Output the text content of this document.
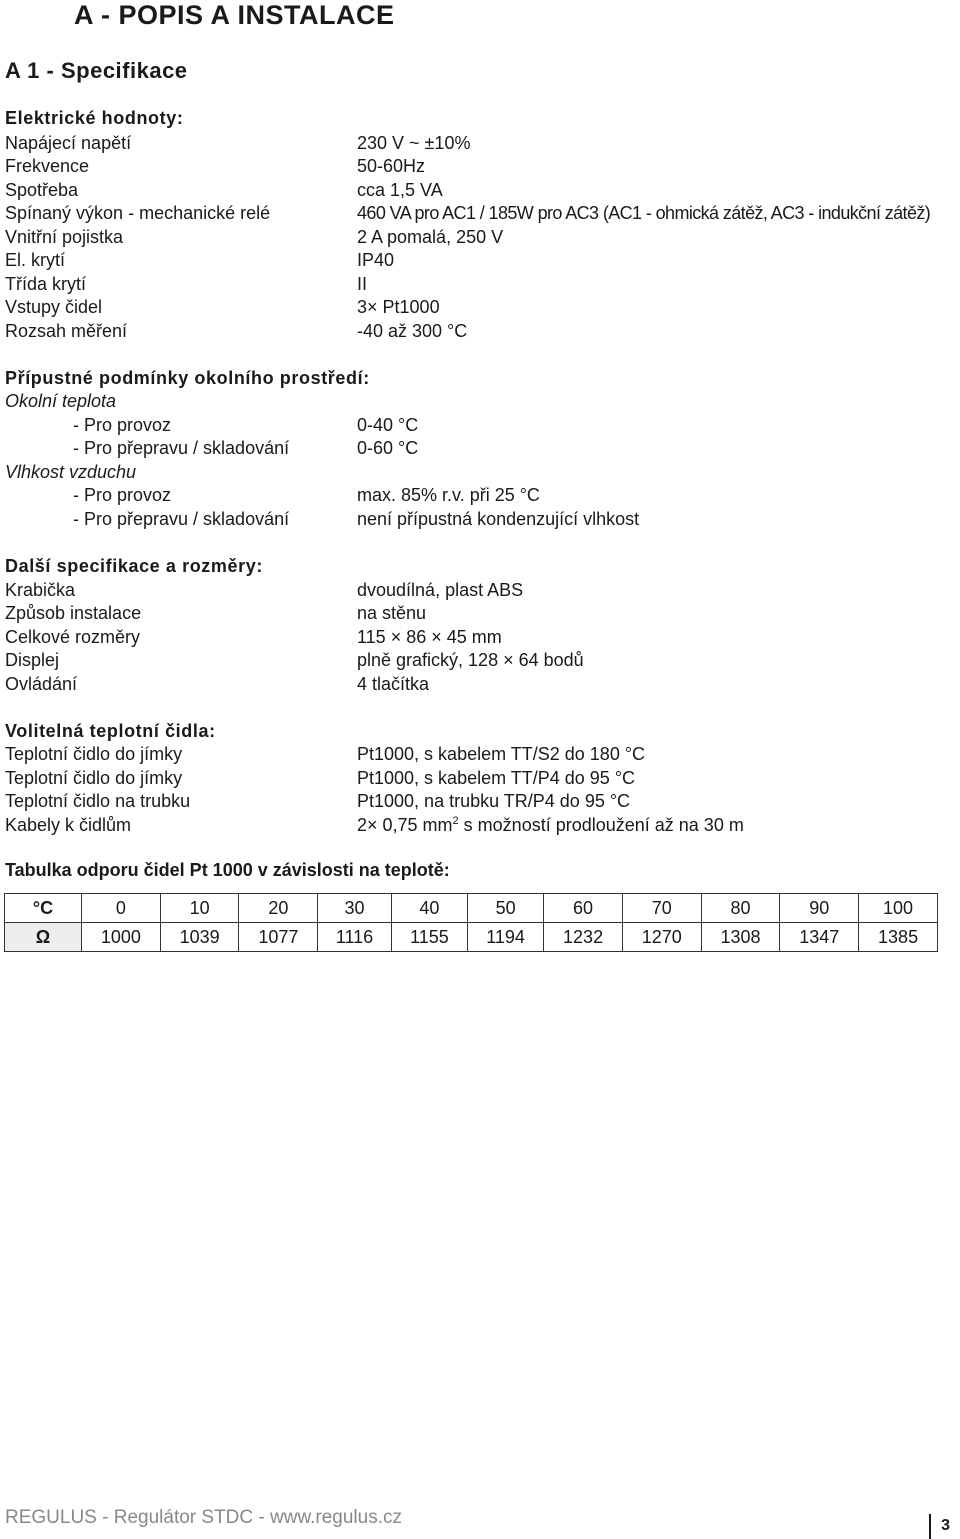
A - POPIS A INSTALACE
A 1 - Specifikace
Elektrické hodnoty:
Napájecí napětí	230 V ~ ±10%
Frekvence	50-60Hz
Spotřeba	cca 1,5 VA
Spínaný výkon - mechanické relé	460 VA pro AC1 / 185W pro AC3 (AC1 - ohmická zátěž, AC3 - indukční zátěž)
Vnitřní pojistka	2 A pomalá, 250 V
El. krytí	IP40
Třída krytí	II
Vstupy čidel	3× Pt1000
Rozsah měření	-40 až 300 °C
Přípustné podmínky okolního prostředí:
Okolní teplota
- Pro provoz	0-40 °C
- Pro přepravu / skladování	0-60 °C
Vlhkost vzduchu
- Pro provoz	max. 85% r.v. při 25 °C
- Pro přepravu / skladování	není přípustná kondenzující vlhkost
Další specifikace a rozměry:
Krabička	dvoudílná, plast ABS
Způsob instalace	na stěnu
Celkové rozměry	115 × 86 × 45 mm
Displej	plně grafický, 128 × 64 bodů
Ovládání	4 tlačítka
Volitelná teplotní čidla:
Teplotní čidlo do jímky	Pt1000, s kabelem TT/S2 do 180 °C
Teplotní čidlo do jímky	Pt1000, s kabelem TT/P4 do 95 °C
Teplotní čidlo na trubku	Pt1000, na trubku TR/P4 do 95 °C
Kabely k čidlům	2× 0,75 $mm^2$ s možností prodloužení až na 30 m
Tabulka odporu čidel Pt 1000 v závislosti na teplotě:
°C	0	10	20	30	40	50	60	70	80	90	100
Ω	1000	1039	1077	1116	1155	1194	1232	1270	1308	1347	1385
REGULUS - Regulátor STDC - www.regulus.cz	3
